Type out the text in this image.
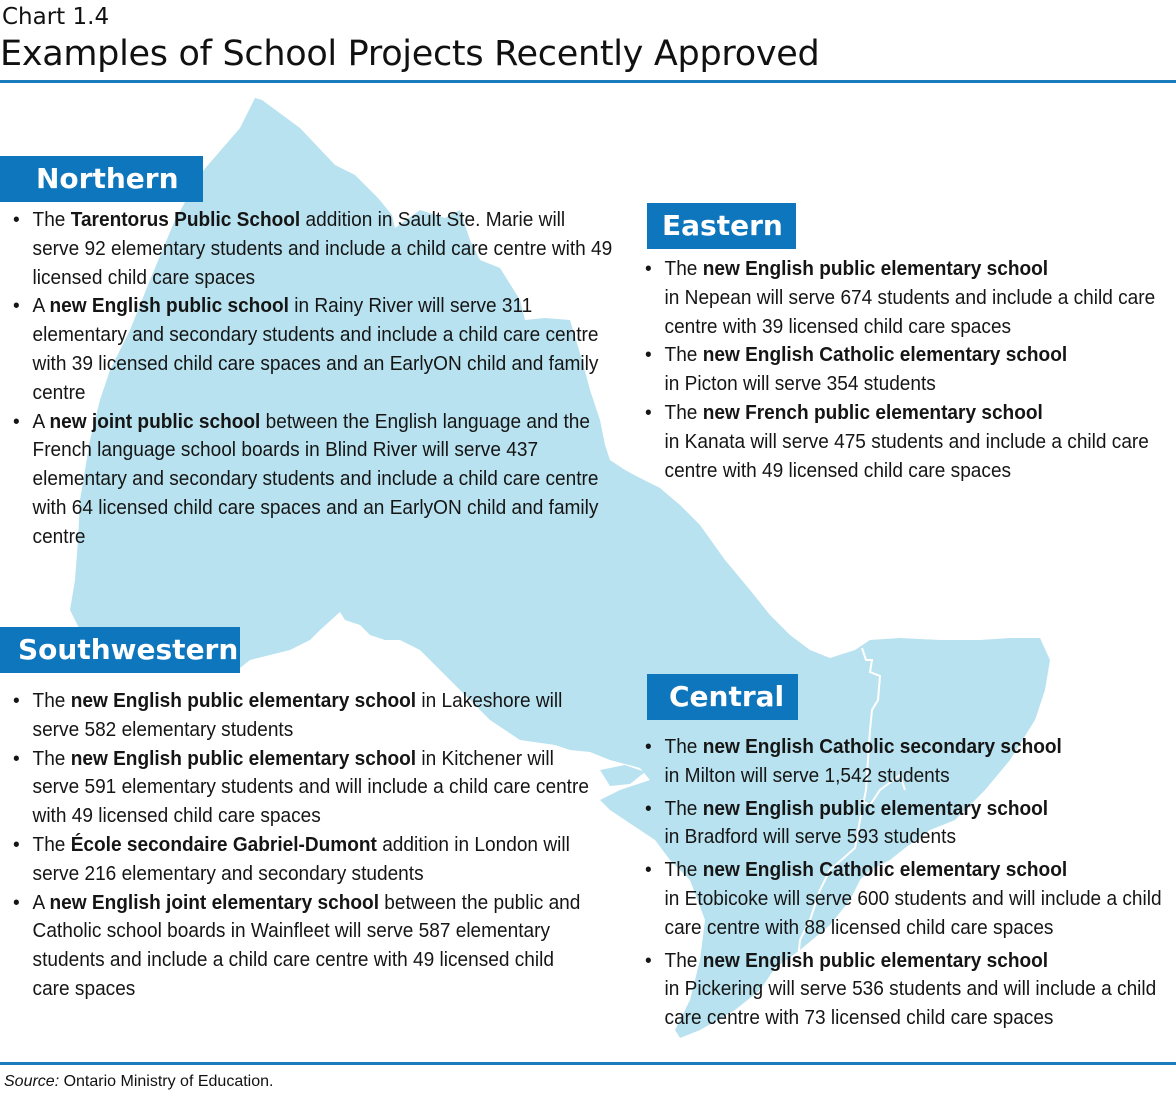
Chart 1.4
Examples of School Projects Recently Approved
Northern
• The Tarentorus Public School addition in Sault Ste. Marie will serve 92 elementary students and include a child care centre with 49 licensed child care spaces
• A new English public school in Rainy River will serve 311 elementary and secondary students and include a child care centre with 39 licensed child care spaces and an EarlyON child and family centre
• A new joint public school between the English language and the French language school boards in Blind River will serve 437 elementary and secondary students and include a child care centre with 64 licensed child care spaces and an EarlyON child and family centre
Eastern
• The new English public elementary school
in Nepean will serve 674 students and include a child care centre with 39 licensed child care spaces
• The new English Catholic elementary school
in Picton will serve 354 students
• The new French public elementary school
in Kanata will serve 475 students and include a child care centre with 49 licensed child care spaces
Southwestern
• The new English public elementary school in Lakeshore will serve 582 elementary students
• The new English public elementary school in Kitchener will serve 591 elementary students and will include a child care centre with 49 licensed child care spaces
• The École secondaire Gabriel-Dumont addition in London will serve 216 elementary and secondary students
• A new English joint elementary school between the public and Catholic school boards in Wainfleet will serve 587 elementary students and include a child care centre with 49 licensed child care spaces
Central
• The new English Catholic secondary school
in Milton will serve 1,542 students
• The new English public elementary school
in Bradford will serve 593 students
• The new English Catholic elementary school
in Etobicoke will serve 600 students and will include a child care centre with 88 licensed child care spaces
• The new English public elementary school
in Pickering will serve 536 students and will include a child care centre with 73 licensed child care spaces
Source: Ontario Ministry of Education.
